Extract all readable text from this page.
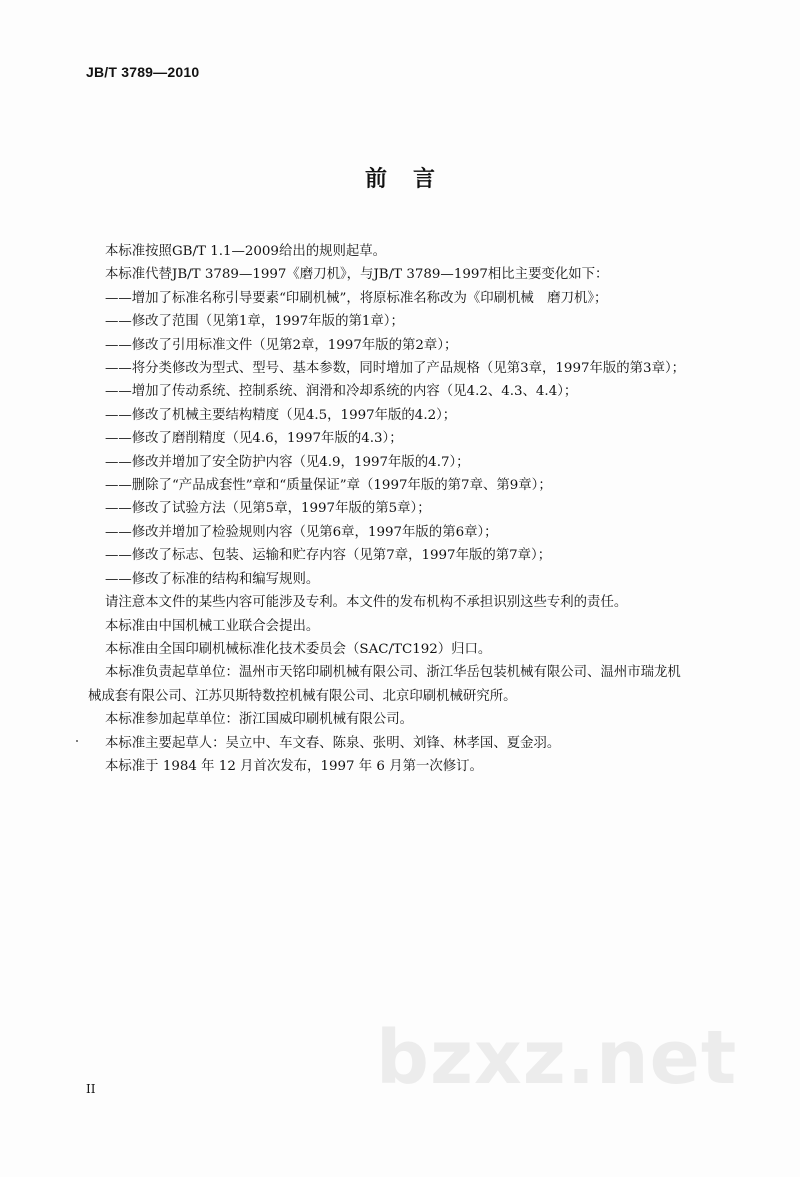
JB/T 3789—2010
前言
本标准按照GB/T 1.1—2009给出的规则起草。
本标准代替JB/T 3789—1997《磨刀机》，与JB/T 3789—1997相比主要变化如下：
——增加了标准名称引导要素“印刷机械”，将原标准名称改为《印刷机械　磨刀机》；
——修改了范围（见第1章，1997年版的第1章）；
——修改了引用标准文件（见第2章，1997年版的第2章）；
——将分类修改为型式、型号、基本参数，同时增加了产品规格（见第3章，1997年版的第3章）；
——增加了传动系统、控制系统、润滑和冷却系统的内容（见4.2、4.3、4.4）；
——修改了机械主要结构精度（见4.5，1997年版的4.2）；
——修改了磨削精度（见4.6，1997年版的4.3）；
——修改并增加了安全防护内容（见4.9，1997年版的4.7）；
——删除了“产品成套性”章和“质量保证”章（1997年版的第7章、第9章）；
——修改了试验方法（见第5章，1997年版的第5章）；
——修改并增加了检验规则内容（见第6章，1997年版的第6章）；
——修改了标志、包装、运输和贮存内容（见第7章，1997年版的第7章）；
——修改了标准的结构和编写规则。
请注意本文件的某些内容可能涉及专利。本文件的发布机构不承担识别这些专利的责任。
本标准由中国机械工业联合会提出。
本标准由全国印刷机械标准化技术委员会（SAC/TC192）归口。
本标准负责起草单位：温州市天铭印刷机械有限公司、浙江华岳包装机械有限公司、温州市瑞龙机
械成套有限公司、江苏贝斯特数控机械有限公司、北京印刷机械研究所。
本标准参加起草单位：浙江国威印刷机械有限公司。
本标准主要起草人：吴立中、车文春、陈泉、张明、刘锋、林孝国、夏金羽。
本标准于 1984 年 12 月首次发布，1997 年 6 月第一次修订。
bzxz.net
II
